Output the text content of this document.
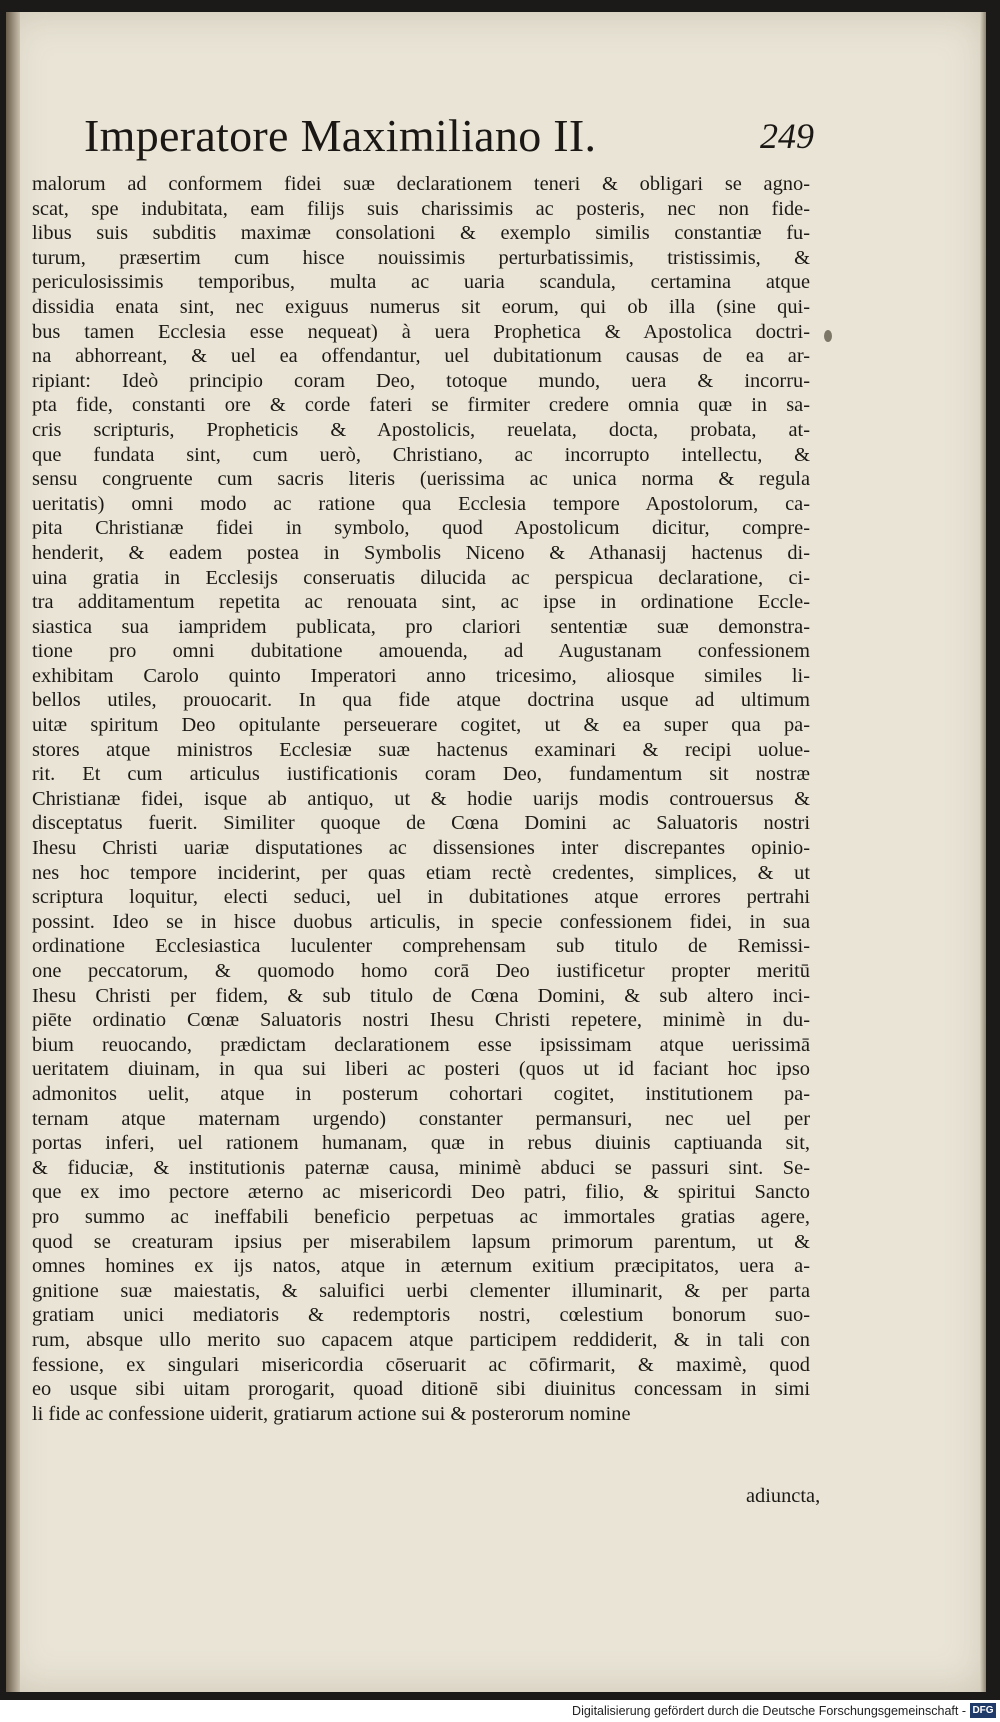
Imperatore Maximiliano II.	249
malorum ad conformem fidei suæ declarationem teneri & obligari se agno-
scat, spe indubitata, eam filijs suis charissimis ac posteris, nec non fide-
libus suis subditis maximæ consolationi & exemplo similis constantiæ fu-
turum, præsertim cum hisce nouissimis perturbatissimis, tristissimis, &
periculosissimis temporibus, multa ac uaria scandula, certamina atque
dissidia enata sint, nec exiguus numerus sit eorum, qui ob illa (sine qui-
bus tamen Ecclesia esse nequeat) à uera Prophetica & Apostolica doctri-
na abhorreant, & uel ea offendantur, uel dubitationum causas de ea ar-
ripiant: Ideò principio coram Deo, totoque mundo, uera & incorru-
pta fide, constanti ore & corde fateri se firmiter credere omnia quæ in sa-
cris scripturis, Propheticis & Apostolicis, reuelata, docta, probata, at-
que fundata sint, cum uerò, Christiano, ac incorrupto intellectu, &
sensu congruente cum sacris literis (uerissima ac unica norma & regula
ueritatis) omni modo ac ratione qua Ecclesia tempore Apostolorum, ca-
pita Christianæ fidei in symbolo, quod Apostolicum dicitur, compre-
henderit, & eadem postea in Symbolis Niceno & Athanasij hactenus di-
uina gratia in Ecclesijs conseruatis dilucida ac perspicua declaratione, ci-
tra additamentum repetita ac renouata sint, ac ipse in ordinatione Eccle-
siastica sua iampridem publicata, pro clariori sententiæ suæ demonstra-
tione pro omni dubitatione amouenda, ad Augustanam confessionem
exhibitam Carolo quinto Imperatori anno tricesimo, aliosque similes li-
bellos utiles, prouocarit. In qua fide atque doctrina usque ad ultimum
uitæ spiritum Deo opitulante perseuerare cogitet, ut & ea super qua pa-
stores atque ministros Ecclesiæ suæ hactenus examinari & recipi uolue-
rit. Et cum articulus iustificationis coram Deo, fundamentum sit nostræ
Christianæ fidei, isque ab antiquo, ut & hodie uarijs modis controuersus &
disceptatus fuerit. Similiter quoque de Cœna Domini ac Saluatoris nostri
Ihesu Christi uariæ disputationes ac dissensiones inter discrepantes opinio-
nes hoc tempore inciderint, per quas etiam rectè credentes, simplices, & ut
scriptura loquitur, electi seduci, uel in dubitationes atque errores pertrahi
possint. Ideo se in hisce duobus articulis, in specie confessionem fidei, in sua
ordinatione Ecclesiastica luculenter comprehensam sub titulo de Remissi-
one peccatorum, & quomodo homo corā Deo iustificetur propter meritū
Ihesu Christi per fidem, & sub titulo de Cœna Domini, & sub altero inci-
piēte ordinatio Cœnæ Saluatoris nostri Ihesu Christi repetere, minimè in du-
bium reuocando, prædictam declarationem esse ipsissimam atque uerissimā
ueritatem diuinam, in qua sui liberi ac posteri (quos ut id faciant hoc ipso
admonitos uelit, atque in posterum cohortari cogitet, institutionem pa-
ternam atque maternam urgendo) constanter permansuri, nec uel per
portas inferi, uel rationem humanam, quæ in rebus diuinis captiuanda sit,
& fiduciæ, & institutionis paternæ causa, minimè abduci se passuri sint. Se-
que ex imo pectore æterno ac misericordi Deo patri, filio, & spiritui Sancto
pro summo ac ineffabili beneficio perpetuas ac immortales gratias agere,
quod se creaturam ipsius per miserabilem lapsum primorum parentum, ut &
omnes homines ex ijs natos, atque in æternum exitium præcipitatos, uera a-
gnitione suæ maiestatis, & saluifici uerbi clementer illuminarit, & per parta
gratiam unici mediatoris & redemptoris nostri, cœlestium bonorum suo-
rum, absque ullo merito suo capacem atque participem reddiderit, & in tali con
fessione, ex singulari misericordia cōseruarit ac cōfirmarit, & maximè, quod
eo usque sibi uitam prorogarit, quoad ditionē sibi diuinitus concessam in simi
li fide ac confessione uiderit, gratiarum actione sui & posterorum nomine
adiuncta,
Digitalisierung gefördert durch die Deutsche Forschungsgemeinschaft - DFG
